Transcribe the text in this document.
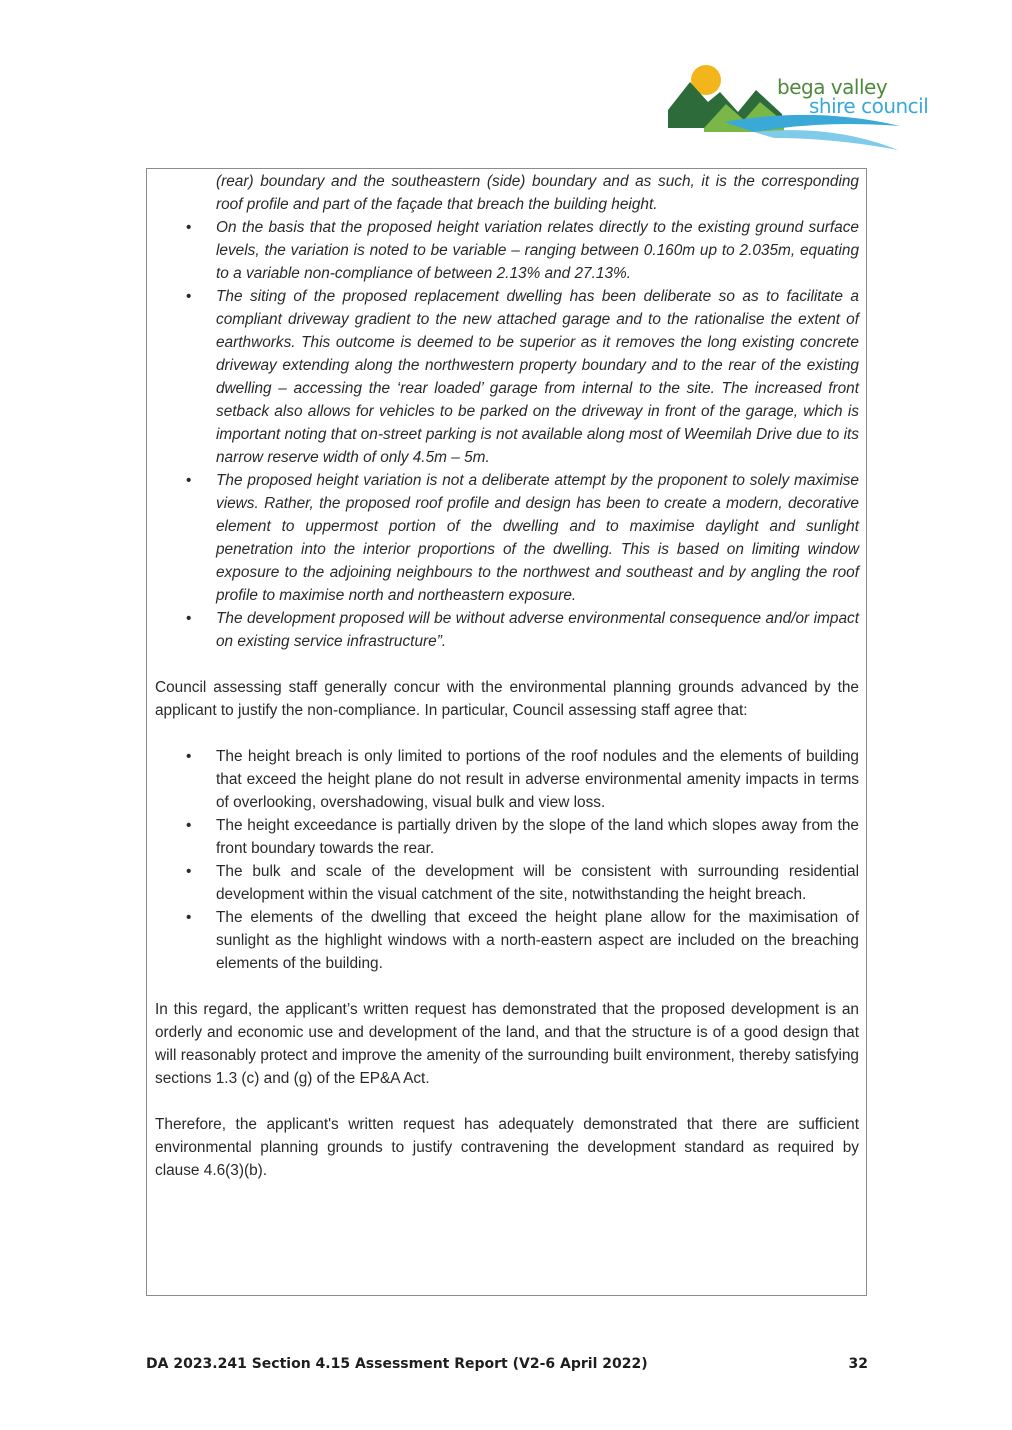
bega valley
shire council
(rear) boundary and the southeastern (side) boundary and as such, it is the corresponding roof profile and part of the façade that breach the building height.
• On the basis that the proposed height variation relates directly to the existing ground surface levels, the variation is noted to be variable – ranging between 0.160m up to 2.035m, equating to a variable non-compliance of between 2.13% and 27.13%.
• The siting of the proposed replacement dwelling has been deliberate so as to facilitate a compliant driveway gradient to the new attached garage and to the rationalise the extent of earthworks. This outcome is deemed to be superior as it removes the long existing concrete driveway extending along the northwestern property boundary and to the rear of the existing dwelling – accessing the ‘rear loaded’ garage from internal to the site. The increased front setback also allows for vehicles to be parked on the driveway in front of the garage, which is important noting that on-street parking is not available along most of Weemilah Drive due to its narrow reserve width of only 4.5m – 5m.
• The proposed height variation is not a deliberate attempt by the proponent to solely maximise views. Rather, the proposed roof profile and design has been to create a modern, decorative element to uppermost portion of the dwelling and to maximise daylight and sunlight penetration into the interior proportions of the dwelling. This is based on limiting window exposure to the adjoining neighbours to the northwest and southeast and by angling the roof profile to maximise north and northeastern exposure.
• The development proposed will be without adverse environmental consequence and/or impact on existing service infrastructure”.

Council assessing staff generally concur with the environmental planning grounds advanced by the applicant to justify the non-compliance. In particular, Council assessing staff agree that:

• The height breach is only limited to portions of the roof nodules and the elements of building that exceed the height plane do not result in adverse environmental amenity impacts in terms of overlooking, overshadowing, visual bulk and view loss.
• The height exceedance is partially driven by the slope of the land which slopes away from the front boundary towards the rear.
• The bulk and scale of the development will be consistent with surrounding residential development within the visual catchment of the site, notwithstanding the height breach.
• The elements of the dwelling that exceed the height plane allow for the maximisation of sunlight as the highlight windows with a north-eastern aspect are included on the breaching elements of the building.

In this regard, the applicant’s written request has demonstrated that the proposed development is an orderly and economic use and development of the land, and that the structure is of a good design that will reasonably protect and improve the amenity of the surrounding built environment, thereby satisfying sections 1.3 (c) and (g) of the EP&A Act.

Therefore, the applicant's written request has adequately demonstrated that there are sufficient environmental planning grounds to justify contravening the development standard as required by clause 4.6(3)(b).

DA 2023.241 Section 4.15 Assessment Report (V2-6 April 2022)	32
